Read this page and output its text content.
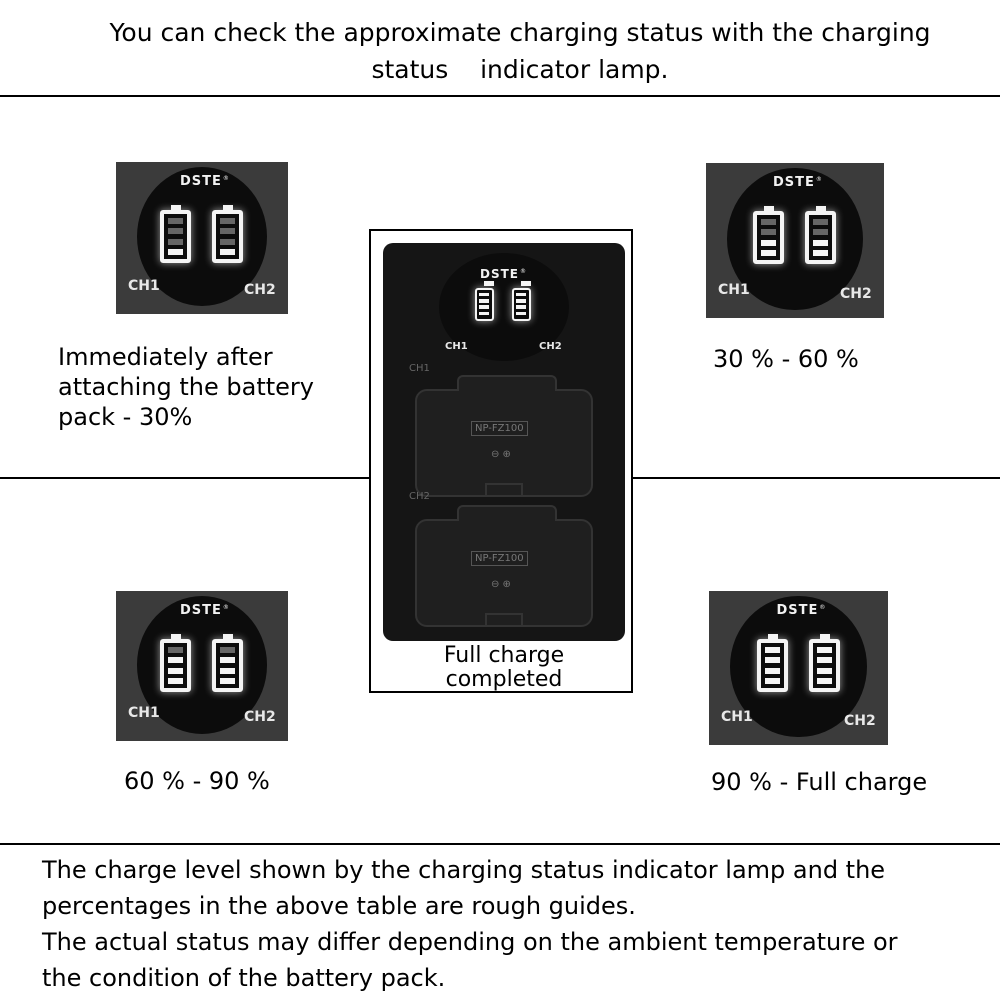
You can check the approximate charging status with the charging
status    indicator lamp.
DSTE®
CH1	CH2
DSTE®
CH1	CH2
DSTE®
CH1	CH2
DSTE®
CH1	CH2
Immediately after
attaching the battery
pack - 30%
30 % - 60 %
60 % - 90 %	90 % - Full charge
DSTE®
CH1	CH2
CH1
NP-FZ100
⊖ ⊕
CH2
NP-FZ100
⊖ ⊕
Full charge
completed
The charge level shown by the charging status indicator lamp and the
percentages in the above table are rough guides.
The actual status may differ depending on the ambient temperature or
the condition of the battery pack.
